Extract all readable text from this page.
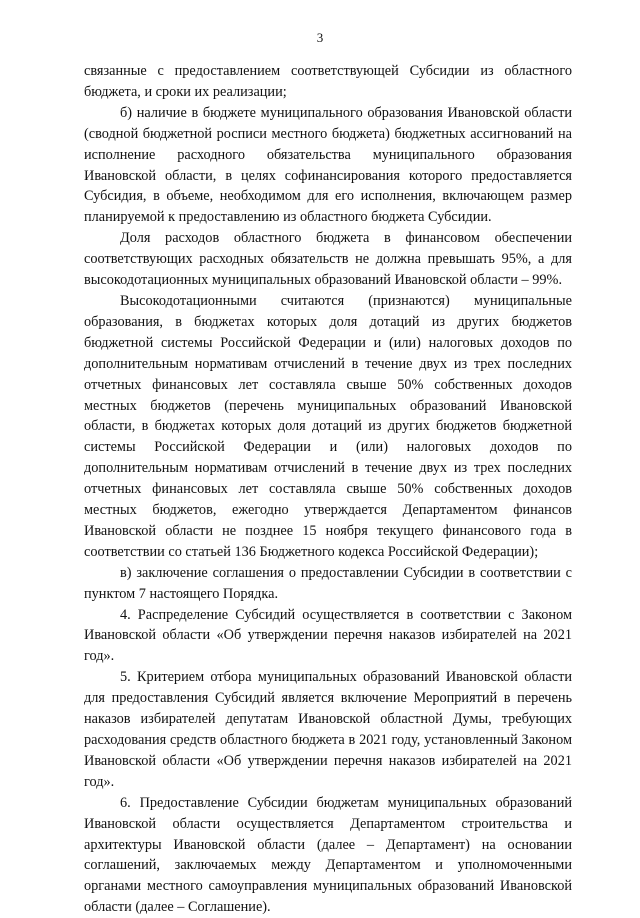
3

связанные с предоставлением соответствующей Субсидии из областного бюджета, и сроки их реализации;

б) наличие в бюджете муниципального образования Ивановской области (сводной бюджетной росписи местного бюджета) бюджетных ассигнований на исполнение расходного обязательства муниципального образования Ивановской области, в целях софинансирования которого предоставляется Субсидия, в объеме, необходимом для его исполнения, включающем размер планируемой к предоставлению из областного бюджета Субсидии.

Доля расходов областного бюджета в финансовом обеспечении соответствующих расходных обязательств не должна превышать 95%, а для высокодотационных муниципальных образований Ивановской области – 99%.

Высокодотационными считаются (признаются) муниципальные образования, в бюджетах которых доля дотаций из других бюджетов бюджетной системы Российской Федерации и (или) налоговых доходов по дополнительным нормативам отчислений в течение двух из трех последних отчетных финансовых лет составляла свыше 50% собственных доходов местных бюджетов (перечень муниципальных образований Ивановской области, в бюджетах которых доля дотаций из других бюджетов бюджетной системы Российской Федерации и (или) налоговых доходов по дополнительным нормативам отчислений в течение двух из трех последних отчетных финансовых лет составляла свыше 50% собственных доходов местных бюджетов, ежегодно утверждается Департаментом финансов Ивановской области не позднее 15 ноября текущего финансового года в соответствии со статьей 136 Бюджетного кодекса Российской Федерации);

в) заключение соглашения о предоставлении Субсидии в соответствии с пунктом 7 настоящего Порядка.

4. Распределение Субсидий осуществляется в соответствии с Законом Ивановской области «Об утверждении перечня наказов избирателей на 2021 год».

5. Критерием отбора муниципальных образований Ивановской области для предоставления Субсидий является включение Мероприятий в перечень наказов избирателей депутатам Ивановской областной Думы, требующих расходования средств областного бюджета в 2021 году, установленный Законом Ивановской области «Об утверждении перечня наказов избирателей на 2021 год».

6. Предоставление Субсидии бюджетам муниципальных образований Ивановской области осуществляется Департаментом строительства и архитектуры Ивановской области (далее – Департамент) на основании соглашений, заключаемых между Департаментом и уполномоченными органами местного самоуправления муниципальных образований Ивановской области (далее – Соглашение).
